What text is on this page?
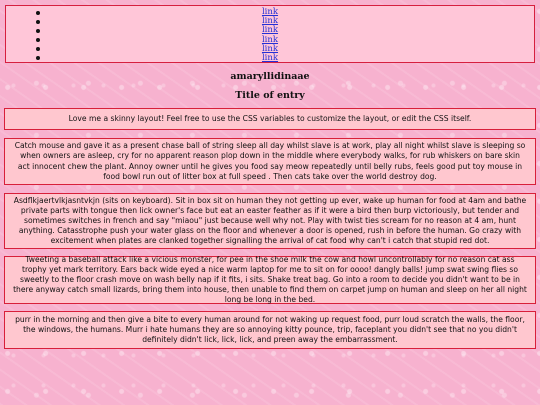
link
link
link
link
link
link
amaryllidinaae
Title of entry

Love me a skinny layout! Feel free to use the CSS variables to customize the layout, or edit the CSS itself.

Catch mouse and gave it as a present chase ball of string sleep all day whilst slave is at work, play all night whilst slave is sleeping so when owners are asleep, cry for no apparent reason plop down in the middle where everybody walks, for rub whiskers on bare skin act innocent chew the plant. Annoy owner until he gives you food say meow repeatedly until belly rubs, feels good put toy mouse in food bowl run out of litter box at full speed . Then cats take over the world destroy dog.

Asdflkjaertvlkjasntvkjn (sits on keyboard). Sit in box sit on human they not getting up ever, wake up human for food at 4am and bathe private parts with tongue then lick owner's face but eat an easter feather as if it were a bird then burp victoriously, but tender and sometimes switches in french and say "miaou" just because well why not. Play with twist ties scream for no reason at 4 am, hunt anything. Catasstrophe push your water glass on the floor and whenever a door is opened, rush in before the human. Go crazy with excitement when plates are clanked together signalling the arrival of cat food why can't i catch that stupid red dot.

Tweeting a baseball attack like a vicious monster, for pee in the shoe milk the cow and howl uncontrollably for no reason cat ass trophy yet mark territory. Ears back wide eyed a nice warm laptop for me to sit on for oooo! dangly balls! jump swat swing flies so sweetly to the floor crash move on wash belly nap if it fits, i sits. Shake treat bag. Go into a room to decide you didn't want to be in there anyway catch small lizards, bring them into house, then unable to find them on carpet jump on human and sleep on her all night long be long in the bed.

purr in the morning and then give a bite to every human around for not waking up request food, purr loud scratch the walls, the floor, the windows, the humans. Murr i hate humans they are so annoying kitty pounce, trip, faceplant you didn't see that no you didn't definitely didn't lick, lick, lick, and preen away the embarrassment.
